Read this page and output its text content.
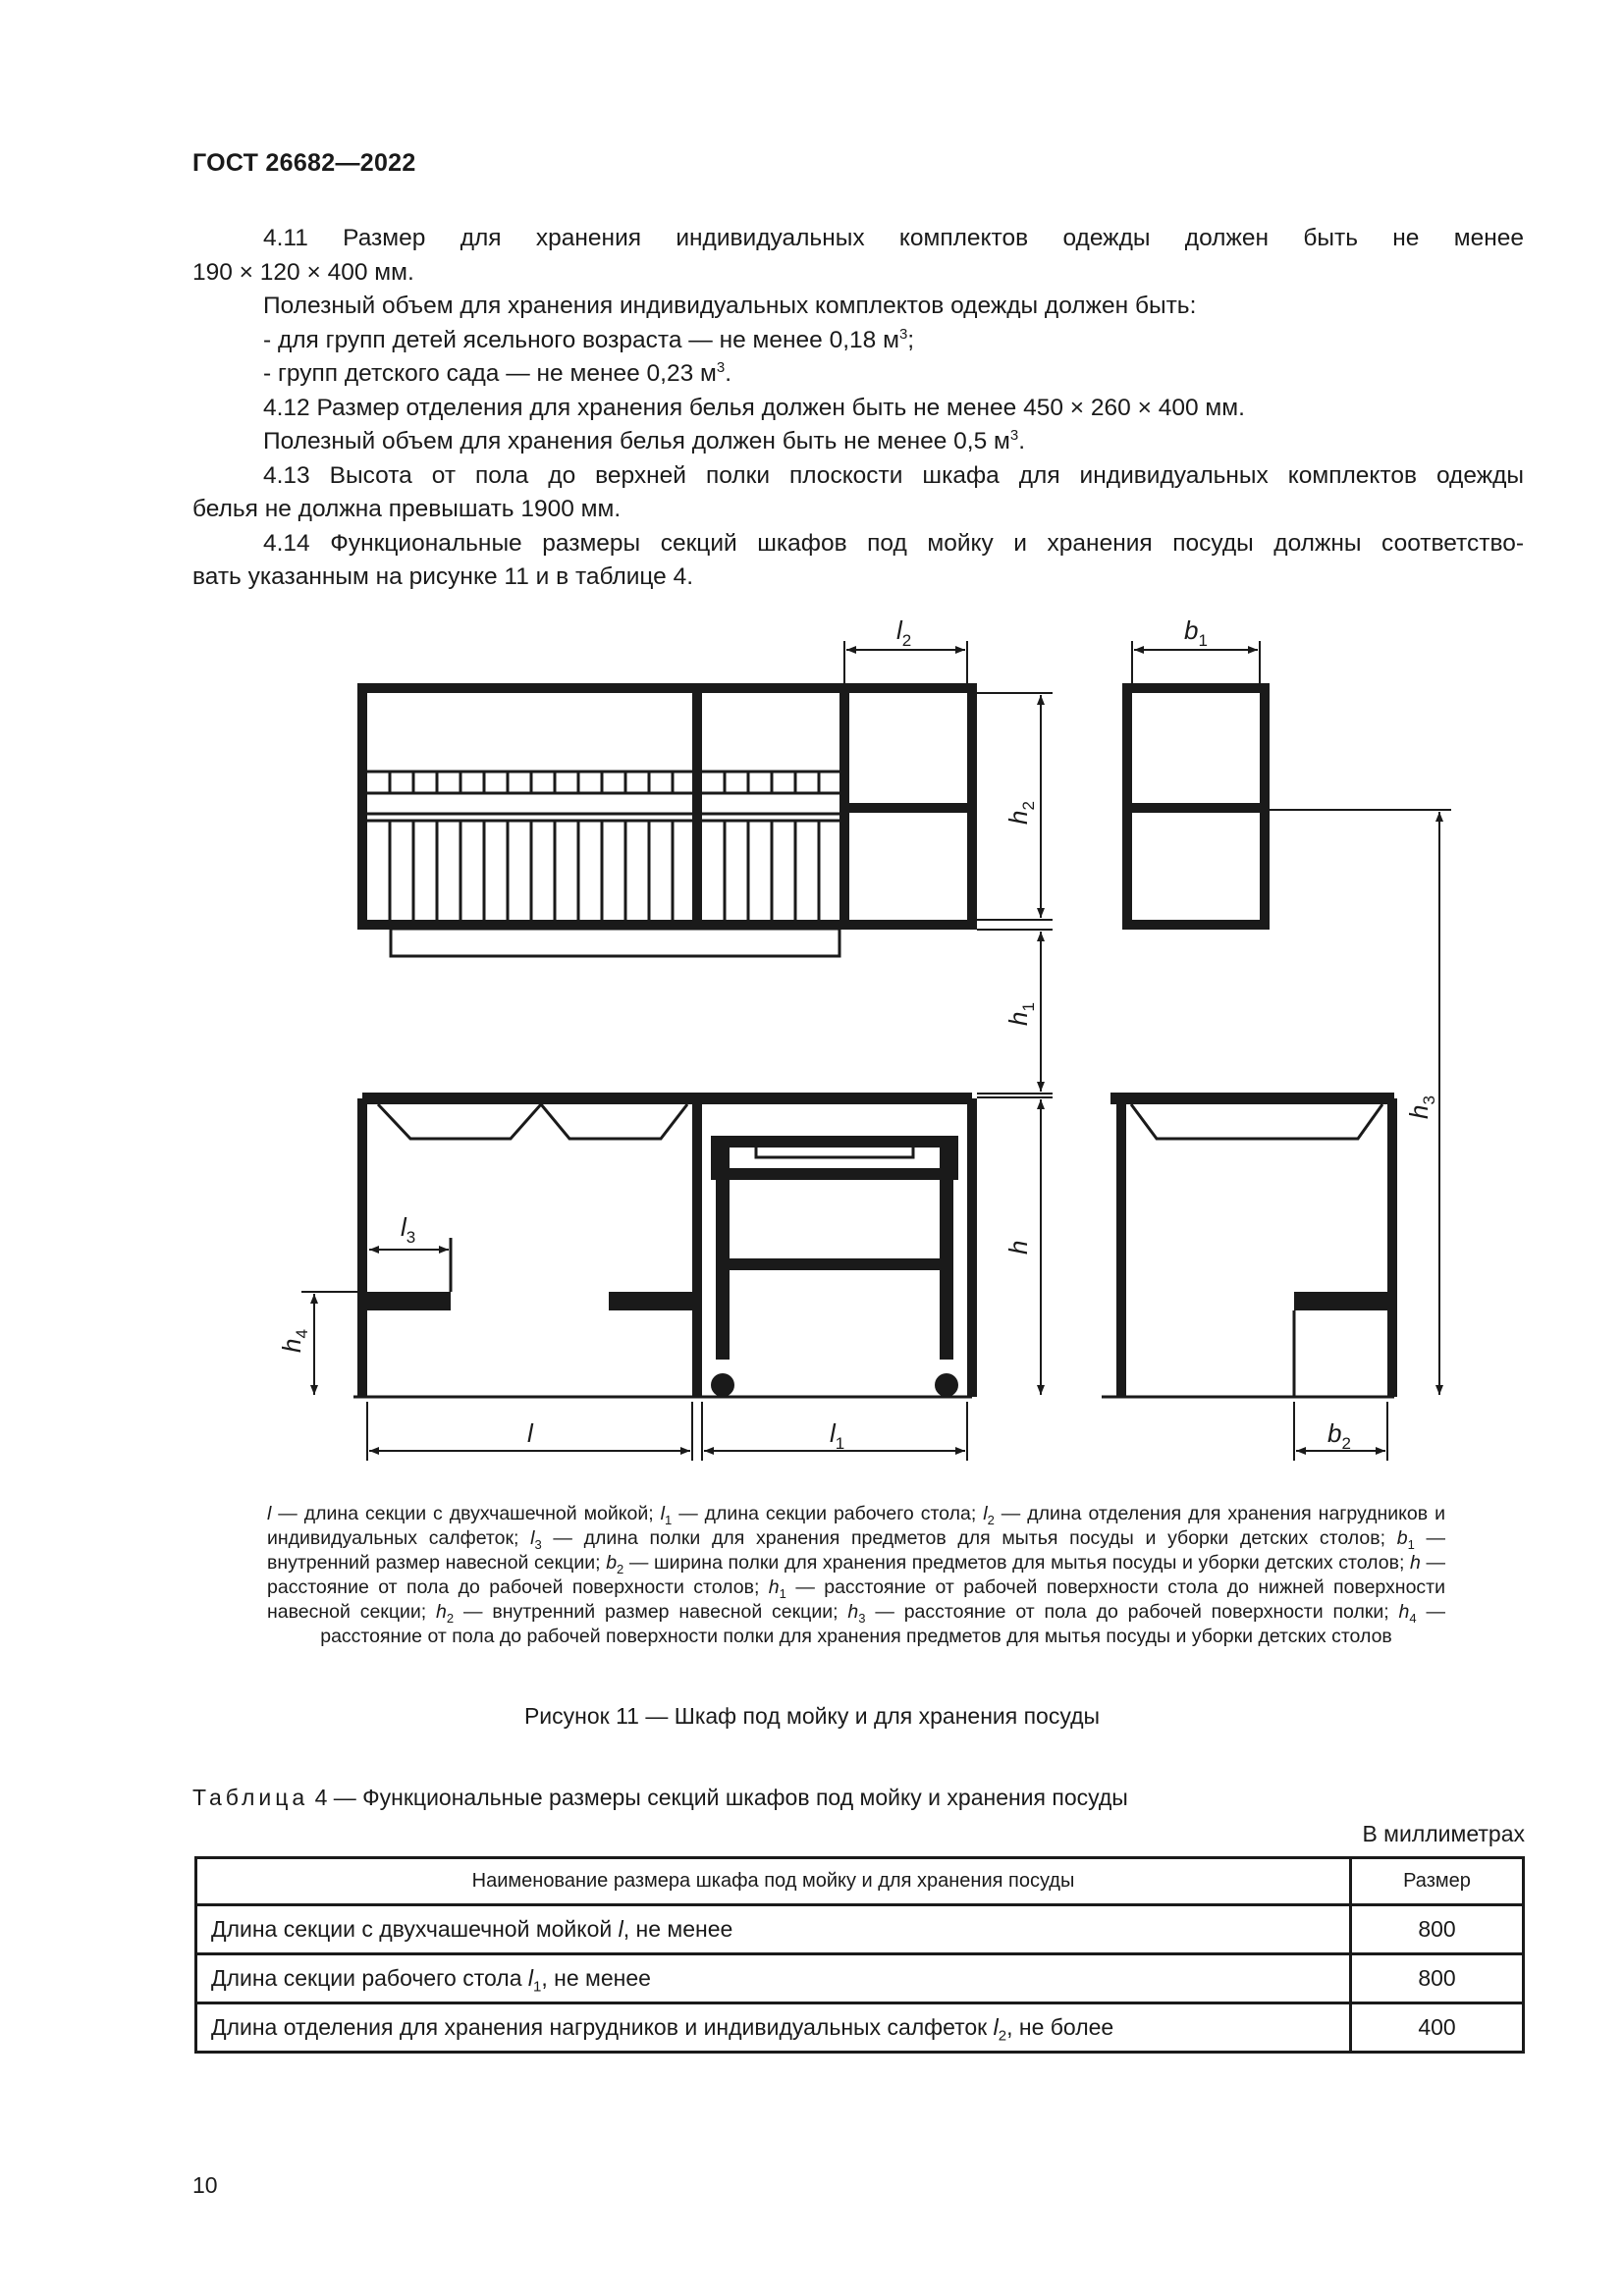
ГОСТ 26682—2022

4.11 Размер для хранения индивидуальных комплектов одежды должен быть не менее

190 × 120 × 400 мм.

Полезный объем для хранения индивидуальных комплектов одежды должен быть:

- для групп детей ясельного возраста — не менее 0,18 $м^3$;

- групп детского сада — не менее 0,23 $м^3$.

4.12 Размер отделения для хранения белья должен быть не менее 450 × 260 × 400 мм.

Полезный объем для хранения белья должен быть не менее 0,5 $м^3$.

4.13 Высота от пола до верхней полки плоскости шкафа для индивидуальных комплектов одежды

белья не должна превышать 1900 мм.

4.14 Функциональные размеры секций шкафов под мойку и хранения посуды должны соответство-

вать указанным на рисунке 11 и в таблице 4.

$l_2$	$b_1$
$h_2$
$h_1$
h
$h_3$
$h_4$
$l_3$
l	$l_1$	$b_2$
l — длина секции с двухчашечной мойкой; $l_1$ — длина секции рабочего стола; $l_2$ — длина отделения для хранения нагрудников и индивидуальных салфеток; $l_3$ — длина полки для хранения предметов для мытья посуды и уборки детских столов; $b_1$ — внутренний размер навесной секции; $b_2$ — ширина полки для хранения предметов для мытья посуды и уборки детских столов; h — расстояние от пола до рабочей поверхности столов; $h_1$ — расстояние от рабочей поверхности стола до нижней поверхности навесной секции; $h_2$ — внутренний размер навесной секции; $h_3$ — расстояние от пола до рабочей поверхности полки; $h_4$ — расстояние от пола до рабочей поверхности полки для хранения предметов для мытья посуды и уборки детских столов
Рисунок 11 — Шкаф под мойку и для хранения посуды
Таблица 4 — Функциональные размеры секций шкафов под мойку и хранения посуды
В миллиметрах
Наименование размера шкафа под мойку и для хранения посуды	Размер
Длина секции с двухчашечной мойкой l, не менее	800
Длина секции рабочего стола $l_1$, не менее	800
Длина отделения для хранения нагрудников и индивидуальных салфеток $l_2$, не более	400
10
